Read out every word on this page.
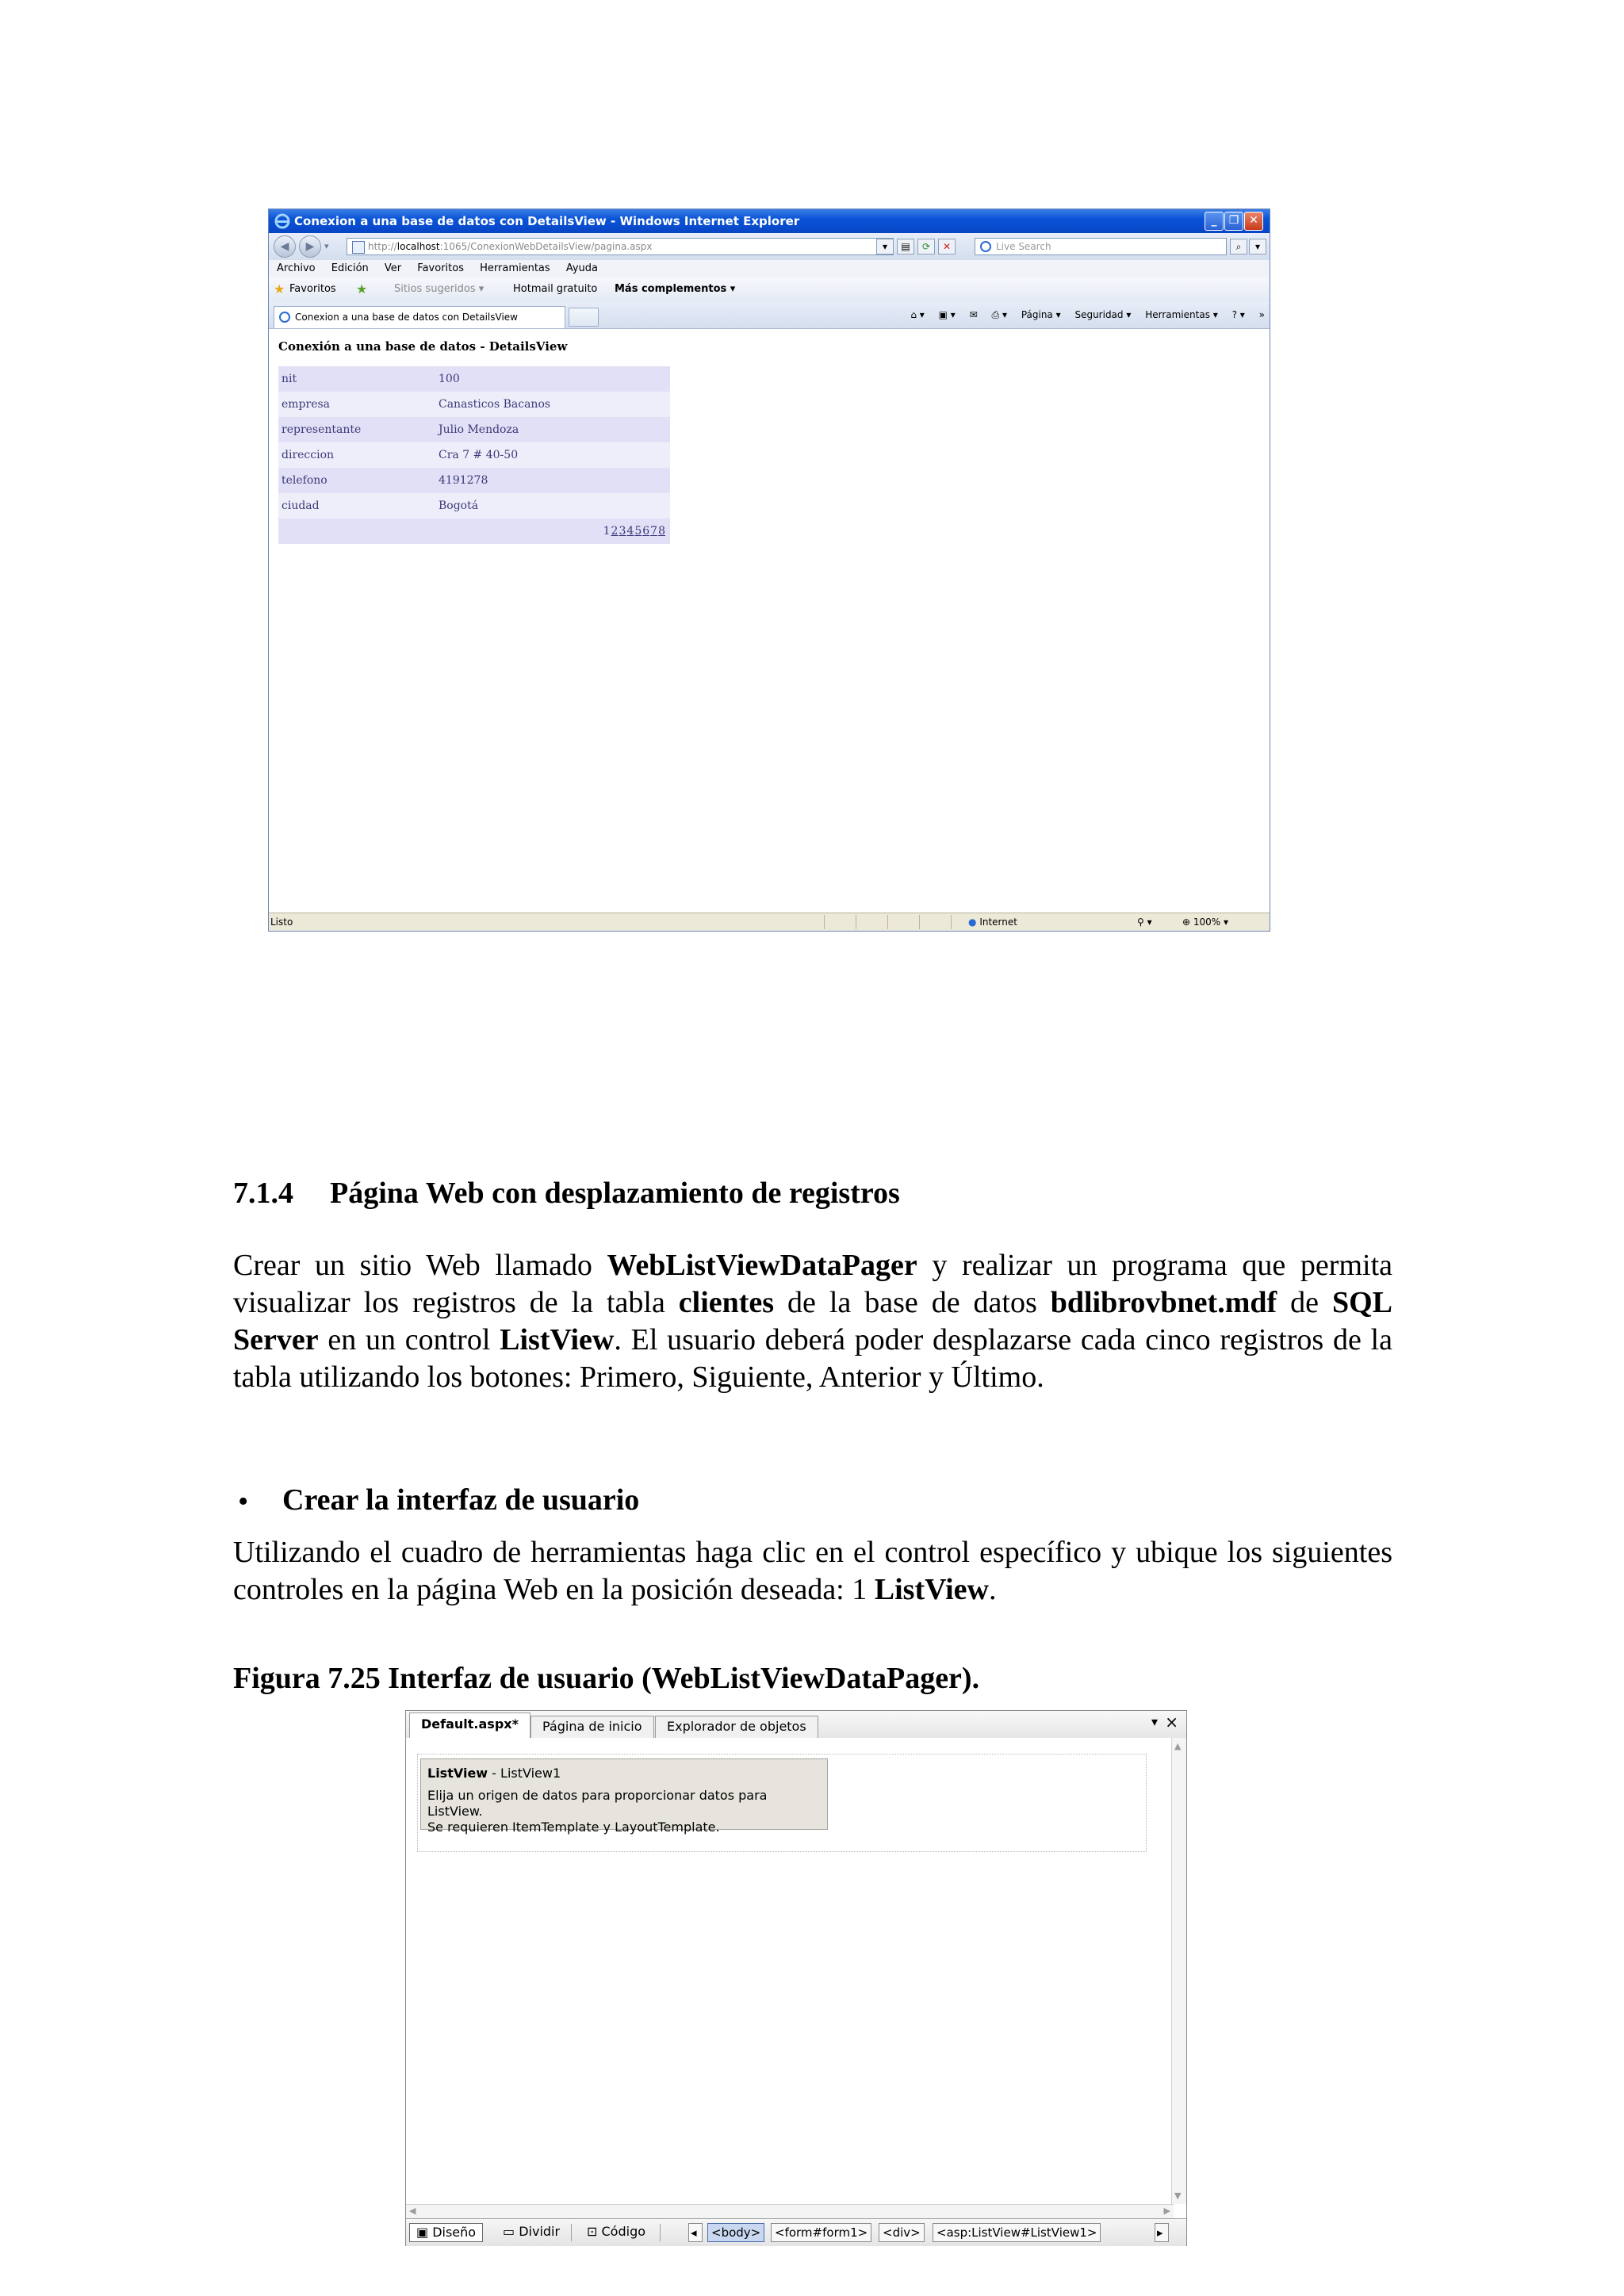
Conexion a una base de datos con DetailsView - Windows Internet Explorer	_	❐ ✕
◀	▶	▾	http://localhost:1065/ConexionWebDetailsView/pagina.aspx	▾	▤	⟳	✕	Live Search	⌕	▾
Archivo Edición Ver Favoritos Herramientas Ayuda
★ Favoritos ★	Sitios sugeridos ▾	Hotmail gratuito Más complementos ▾
Conexion a una base de datos con DetailsView	⌂ ▾ ▣ ▾ ✉ ⎙ ▾ Página ▾ Seguridad ▾ Herramientas ▾ ? ▾ »
Conexión a una base de datos - DetailsView
nit	100
empresa	Canasticos Bacanos
representante	Julio Mendoza
direccion	Cra 7 # 40-50
telefono	4191278
ciudad	Bogotá
12345678	
Listo	● Internet	⚲ ▾	⊕ 100% ▾
7.1.4 Página Web con desplazamiento de registros
Crear un sitio Web llamado WebListViewDataPager y realizar un programa que permita visualizar los registros de la tabla clientes de la base de datos bdlibrovbnet.mdf de SQL Server en un control ListView. El usuario deberá poder desplazarse cada cinco registros de la tabla utilizando los botones: Primero, Siguiente, Anterior y Último.
• Crear la interfaz de usuario
Utilizando el cuadro de herramientas haga clic en el control específico y ubique los siguientes controles en la página Web en la posición deseada: 1 ListView.
Figura 7.25 Interfaz de usuario (WebListViewDataPager).
Default.aspx*	Página de inicio	Explorador de objetos	▾ ×
ListView - ListView1
Elija un origen de datos para proporcionar datos para ListView.
Se requieren ItemTemplate y LayoutTemplate.
▲
▼
◀	▶
▣ Diseño	▭ Dividir	⊡ Código	◂	<body>	<form#form1>	<div>	<asp:ListView#ListView1>	▸
